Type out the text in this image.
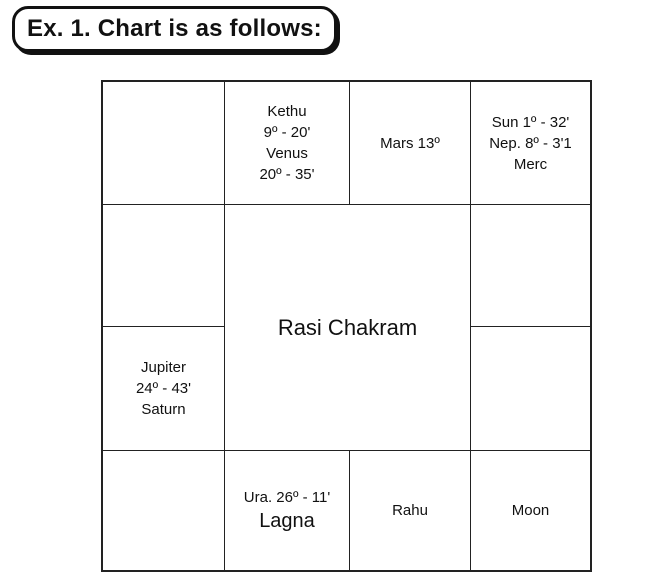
Ex. 1. Chart is as follows:
Kethu
9º - 20'
Venus
20º - 35'
Mars 13º
Sun 1º - 32'
Nep. 8º - 3'1
Merc
Rasi Chakram
Jupiter
24º - 43'
Saturn
Ura. 26º - 11'
Lagna	Rahu	Moon
